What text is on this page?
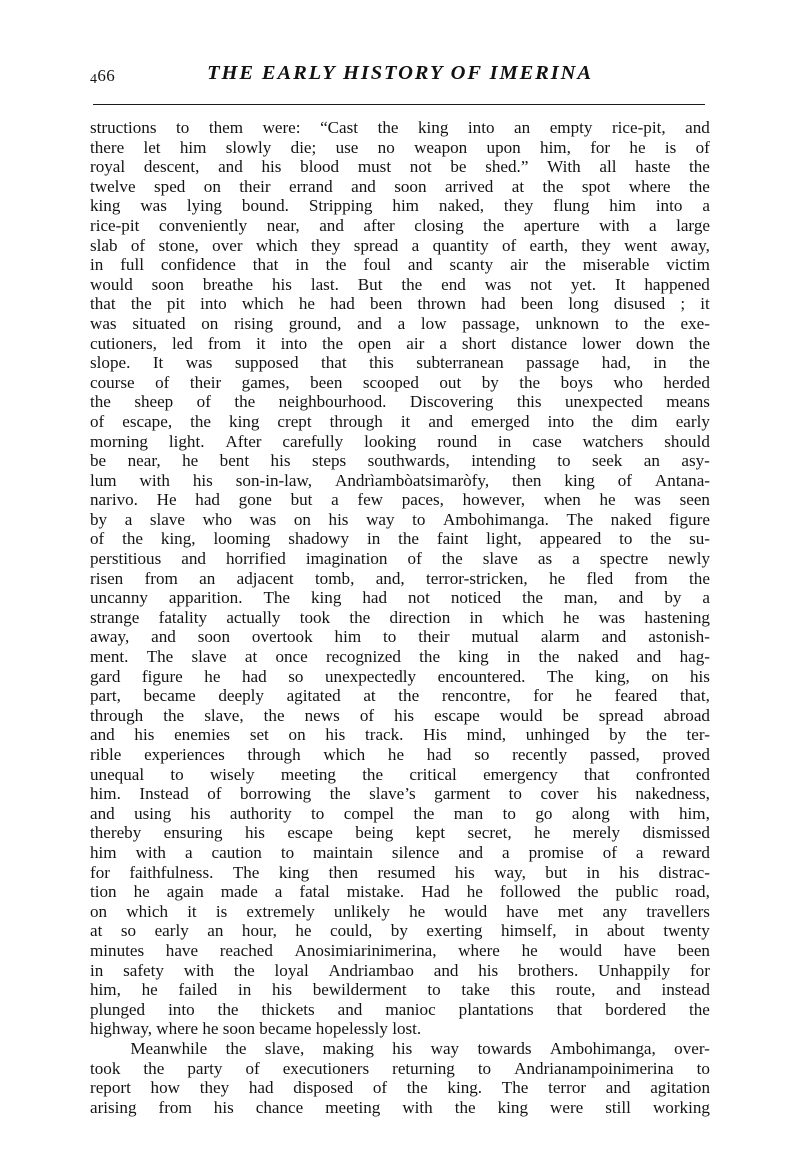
466	THE EARLY HISTORY OF IMERINA
structions to them were: “Cast the king into an empty rice-pit, and
there let him slowly die; use no weapon upon him, for he is of
royal descent, and his blood must not be shed.” With all haste the
twelve sped on their errand and soon arrived at the spot where the
king was lying bound. Stripping him naked, they flung him into a
rice-pit conveniently near, and after closing the aperture with a large
slab of stone, over which they spread a quantity of earth, they went away,
in full confidence that in the foul and scanty air the miserable victim
would soon breathe his last. But the end was not yet. It happened
that the pit into which he had been thrown had been long disused ; it
was situated on rising ground, and a low passage, unknown to the exe-
cutioners, led from it into the open air a short distance lower down the
slope. It was supposed that this subterranean passage had, in the
course of their games, been scooped out by the boys who herded
the sheep of the neighbourhood. Discovering this unexpected means
of escape, the king crept through it and emerged into the dim early
morning light. After carefully looking round in case watchers should
be near, he bent his steps southwards, intending to seek an asy-
lum with his son-in-law, Andrìambòatsimaròfy, then king of Antana-
narivo. He had gone but a few paces, however, when he was seen
by a slave who was on his way to Ambohimanga. The naked figure
of the king, looming shadowy in the faint light, appeared to the su-
perstitious and horrified imagination of the slave as a spectre newly
risen from an adjacent tomb, and, terror-stricken, he fled from the
uncanny apparition. The king had not noticed the man, and by a
strange fatality actually took the direction in which he was hastening
away, and soon overtook him to their mutual alarm and astonish-
ment. The slave at once recognized the king in the naked and hag-
gard figure he had so unexpectedly encountered. The king, on his
part, became deeply agitated at the rencontre, for he feared that,
through the slave, the news of his escape would be spread abroad
and his enemies set on his track. His mind, unhinged by the ter-
rible experiences through which he had so recently passed, proved
unequal to wisely meeting the critical emergency that confronted
him. Instead of borrowing the slave’s garment to cover his nakedness,
and using his authority to compel the man to go along with him,
thereby ensuring his escape being kept secret, he merely dismissed
him with a caution to maintain silence and a promise of a reward
for faithfulness. The king then resumed his way, but in his distrac-
tion he again made a fatal mistake. Had he followed the public road,
on which it is extremely unlikely he would have met any travellers
at so early an hour, he could, by exerting himself, in about twenty
minutes have reached Anosimiarinimerina, where he would have been
in safety with the loyal Andriambao and his brothers. Unhappily for
him, he failed in his bewilderment to take this route, and instead
plunged into the thickets and manioc plantations that bordered the
highway, where he soon became hopelessly lost.
Meanwhile the slave, making his way towards Ambohimanga, over-
took the party of executioners returning to Andrianampoinimerina to
report how they had disposed of the king. The terror and agitation
arising from his chance meeting with the king were still working
